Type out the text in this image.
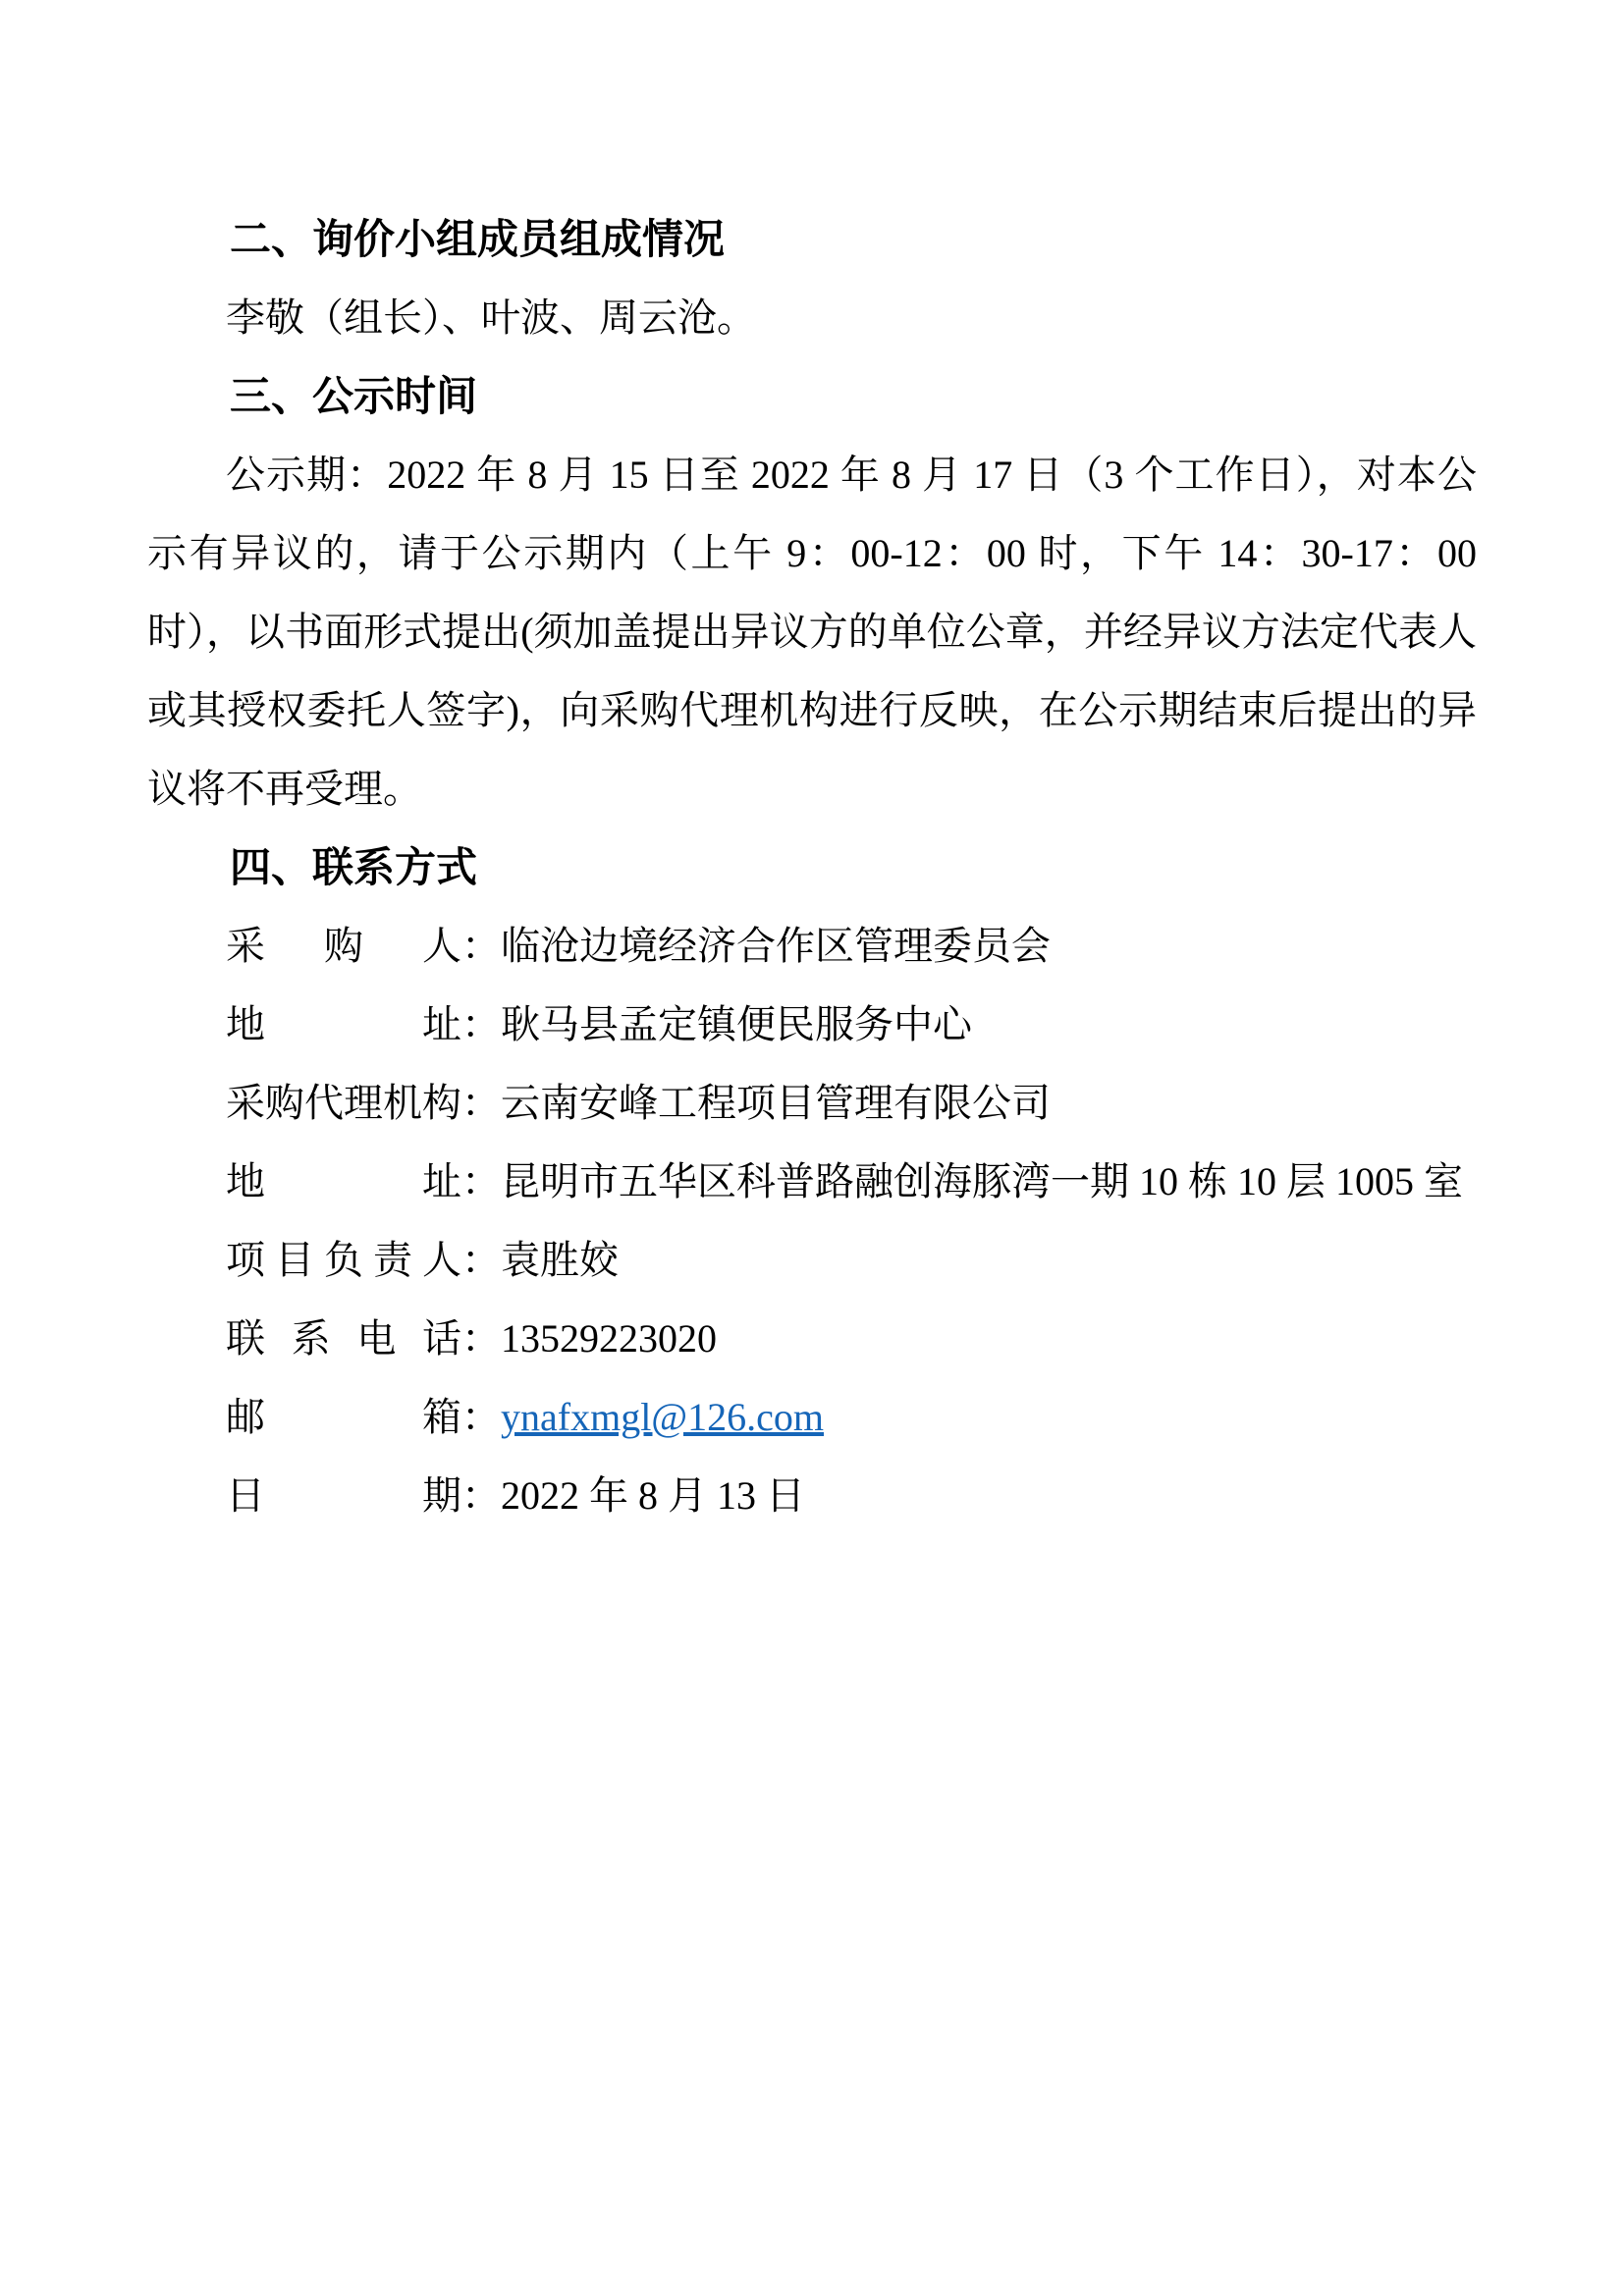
二、询价小组成员组成情况

李敬（组长）、叶波、周云沧。

三、公示时间

公示期：2022 年 8 月 15 日至 2022 年 8 月 17 日（3 个工作日），对本公示有异议的，请于公示期内（上午 9：00-12：00 时，下午 14：30-17：00 时），以书面形式提出(须加盖提出异议方的单位公章，并经异议方法定代表人或其授权委托人签字)，向采购代理机构进行反映，在公示期结束后提出的异议将不再受理。

四、联系方式

采购人：临沧边境经济合作区管理委员会

地址：耿马县孟定镇便民服务中心

采购代理机构：云南安峰工程项目管理有限公司

地址：昆明市五华区科普路融创海豚湾一期 10 栋 10 层 1005 室

项目负责人：袁胜姣

联系电话：13529223020

邮箱：ynafxmgl@126.com

日期：2022 年 8 月 13 日
